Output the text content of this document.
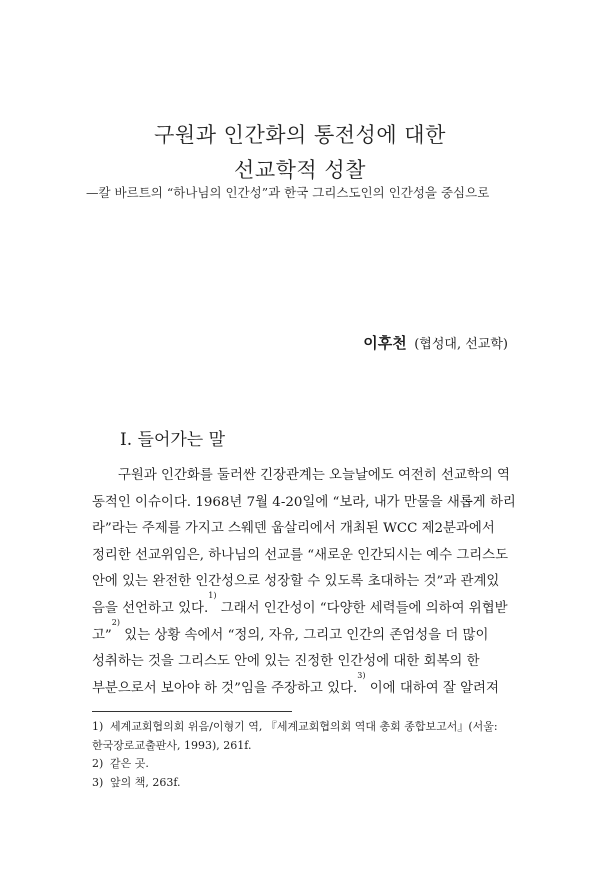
구원과 인간화의 통전성에 대한
선교학적 성찰
—칼 바르트의 “하나님의 인간성”과 한국 그리스도인의 인간성을 중심으로
이후천 (협성대, 선교학)
I. 들어가는 말
구원과 인간화를 둘러싼 긴장관계는 오늘날에도 여전히 선교학의 역
동적인 이슈이다. 1968년 7월 4-20일에 “보라, 내가 만물을 새롭게 하리
라”라는 주제를 가지고 스웨덴 웁살리에서 개최된 WCC 제2분과에서
정리한 선교위임은, 하나님의 선교를 “새로운 인간되시는 예수 그리스도
안에 있는 완전한 인간성으로 성장할 수 있도록 초대하는 것”과 관계있
음을 선언하고 있다.
1)

그래서 인간성이 “다양한 세력들에 의하여 위협받
고”
2)

있는 상황 속에서 “정의, 자유, 그리고 인간의 존엄성을 더 많이
성취하는 것을 그리스도 안에 있는 진정한 인간성에 대한 회복의 한
부분으로서 보아야 하 것”임을 주장하고 있다.
3)

이에 대하여 잘 알려져
1) 세계교회협의회 위음/이형기 역, 『세계교회협의회 역대 총회 종합보고서』(서울:
한국장로교출판사, 1993), 261f.
2) 같은 곳.
3) 앞의 책, 263f.
